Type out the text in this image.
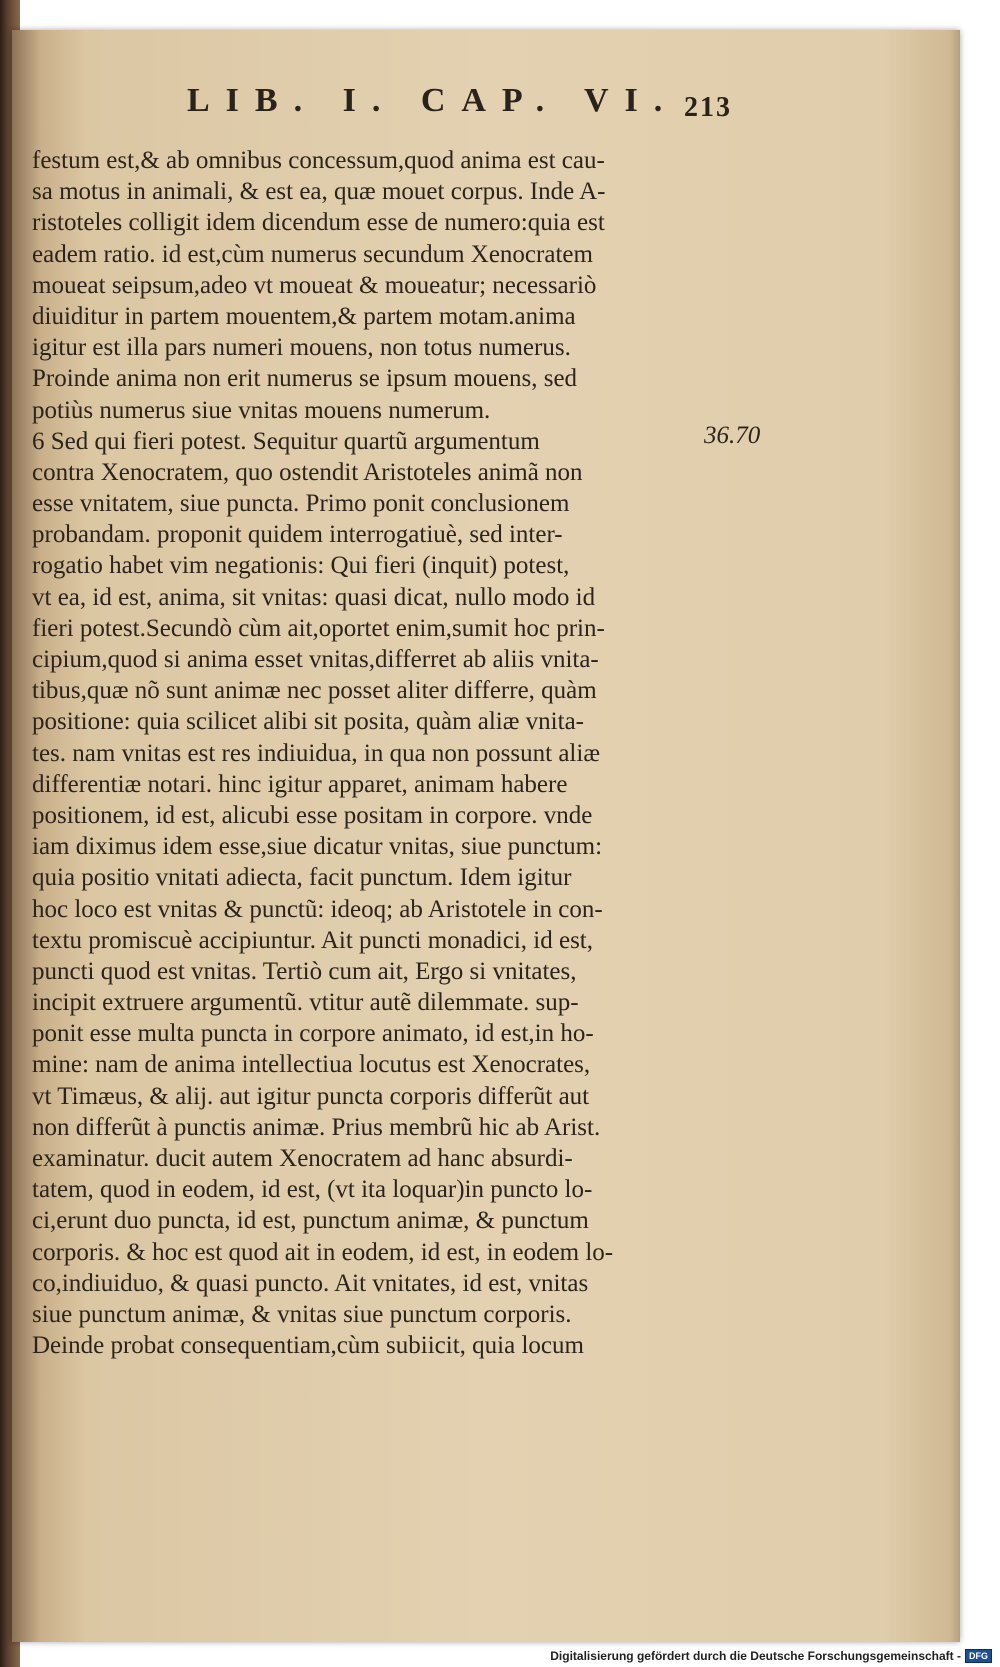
LIB. I. CAP. VI. 213
festum est,& ab omnibus concessum,quod anima est cau-
sa motus in animali, & est ea, quæ mouet corpus. Inde A-
ristoteles colligit idem dicendum esse de numero:quia est
eadem ratio. id est,cùm numerus secundum Xenocratem
moueat seipsum,adeo vt moueat & moueatur; necessariò
diuiditur in partem mouentem,& partem motam.anima
igitur est illa pars numeri mouens, non totus numerus.
Proinde anima non erit numerus se ipsum mouens, sed
potiùs numerus siue vnitas mouens numerum.
6 Sed qui fieri potest. Sequitur quartũ argumentum
contra Xenocratem, quo ostendit Aristoteles animã non
esse vnitatem, siue puncta. Primo ponit conclusionem
probandam. proponit quidem interrogatiuè, sed inter-
rogatio habet vim negationis: Qui fieri (inquit) potest,
vt ea, id est, anima, sit vnitas: quasi dicat, nullo modo id
fieri potest.Secundò cùm ait,oportet enim,sumit hoc prin-
cipium,quod si anima esset vnitas,differret ab aliis vnita-
tibus,quæ nõ sunt animæ nec posset aliter differre, quàm
positione: quia scilicet alibi sit posita, quàm aliæ vnita-
tes. nam vnitas est res indiuidua, in qua non possunt aliæ
differentiæ notari. hinc igitur apparet, animam habere
positionem, id est, alicubi esse positam in corpore. vnde
iam diximus idem esse,siue dicatur vnitas, siue punctum:
quia positio vnitati adiecta, facit punctum. Idem igitur
hoc loco est vnitas & punctũ: ideoq; ab Aristotele in con-
textu promiscuè accipiuntur. Ait puncti monadici, id est,
puncti quod est vnitas. Tertiò cum ait, Ergo si vnitates,
incipit extruere argumentũ. vtitur autẽ dilemmate. sup-
ponit esse multa puncta in corpore animato, id est,in ho-
mine: nam de anima intellectiua locutus est Xenocrates,
vt Timæus, & alij. aut igitur puncta corporis differũt aut
non differũt à punctis animæ. Prius membrũ hic ab Arist.
examinatur. ducit autem Xenocratem ad hanc absurdi-
tatem, quod in eodem, id est, (vt ita loquar)in puncto lo-
ci,erunt duo puncta, id est, punctum animæ, & punctum
corporis. & hoc est quod ait in eodem, id est, in eodem lo-
co,indiuiduo, & quasi puncto. Ait vnitates, id est, vnitas
siue punctum animæ, & vnitas siue punctum corporis.
Deinde probat consequentiam,cùm subiicit, quia locum
36.70
Digitalisierung gefördert durch die Deutsche Forschungsgemeinschaft - DFG
